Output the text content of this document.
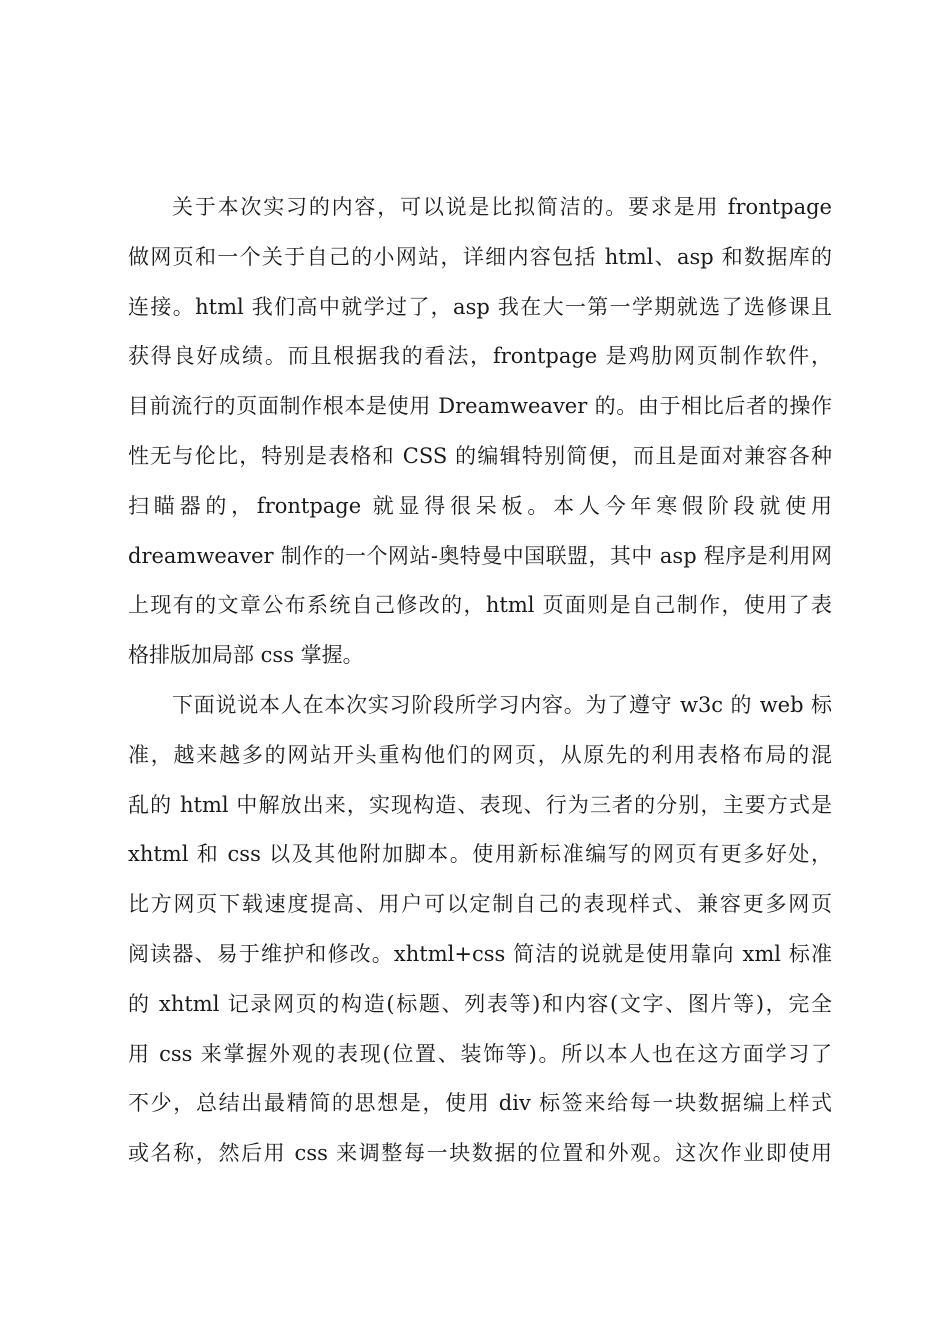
关于本次实习的内容，可以说是比拟简洁的。要求是用 frontpage
做网页和一个关于自己的小网站，详细内容包括 html、asp 和数据库的
连接。html 我们高中就学过了，asp 我在大一第一学期就选了选修课且
获得良好成绩。而且根据我的看法，frontpage 是鸡肋网页制作软件，
目前流行的页面制作根本是使用 Dreamweaver 的。由于相比后者的操作
性无与伦比，特别是表格和 CSS 的编辑特别简便，而且是面对兼容各种
扫瞄器的，frontpage 就显得很呆板。本人今年寒假阶段就使用
dreamweaver 制作的一个网站-奥特曼中国联盟，其中 asp 程序是利用网
上现有的文章公布系统自己修改的，html 页面则是自己制作，使用了表
格排版加局部 css 掌握。
下面说说本人在本次实习阶段所学习内容。为了遵守 w3c 的 web 标
准，越来越多的网站开头重构他们的网页，从原先的利用表格布局的混
乱的 html 中解放出来，实现构造、表现、行为三者的分别，主要方式是
xhtml 和 css 以及其他附加脚本。使用新标准编写的网页有更多好处，
比方网页下载速度提高、用户可以定制自己的表现样式、兼容更多网页
阅读器、易于维护和修改。xhtml+css 简洁的说就是使用靠向 xml 标准
的 xhtml 记录网页的构造(标题、列表等)和内容(文字、图片等)，完全
用 css 来掌握外观的表现(位置、装饰等)。所以本人也在这方面学习了
不少，总结出最精简的思想是，使用 div 标签来给每一块数据编上样式
或名称，然后用 css 来调整每一块数据的位置和外观。这次作业即使用
